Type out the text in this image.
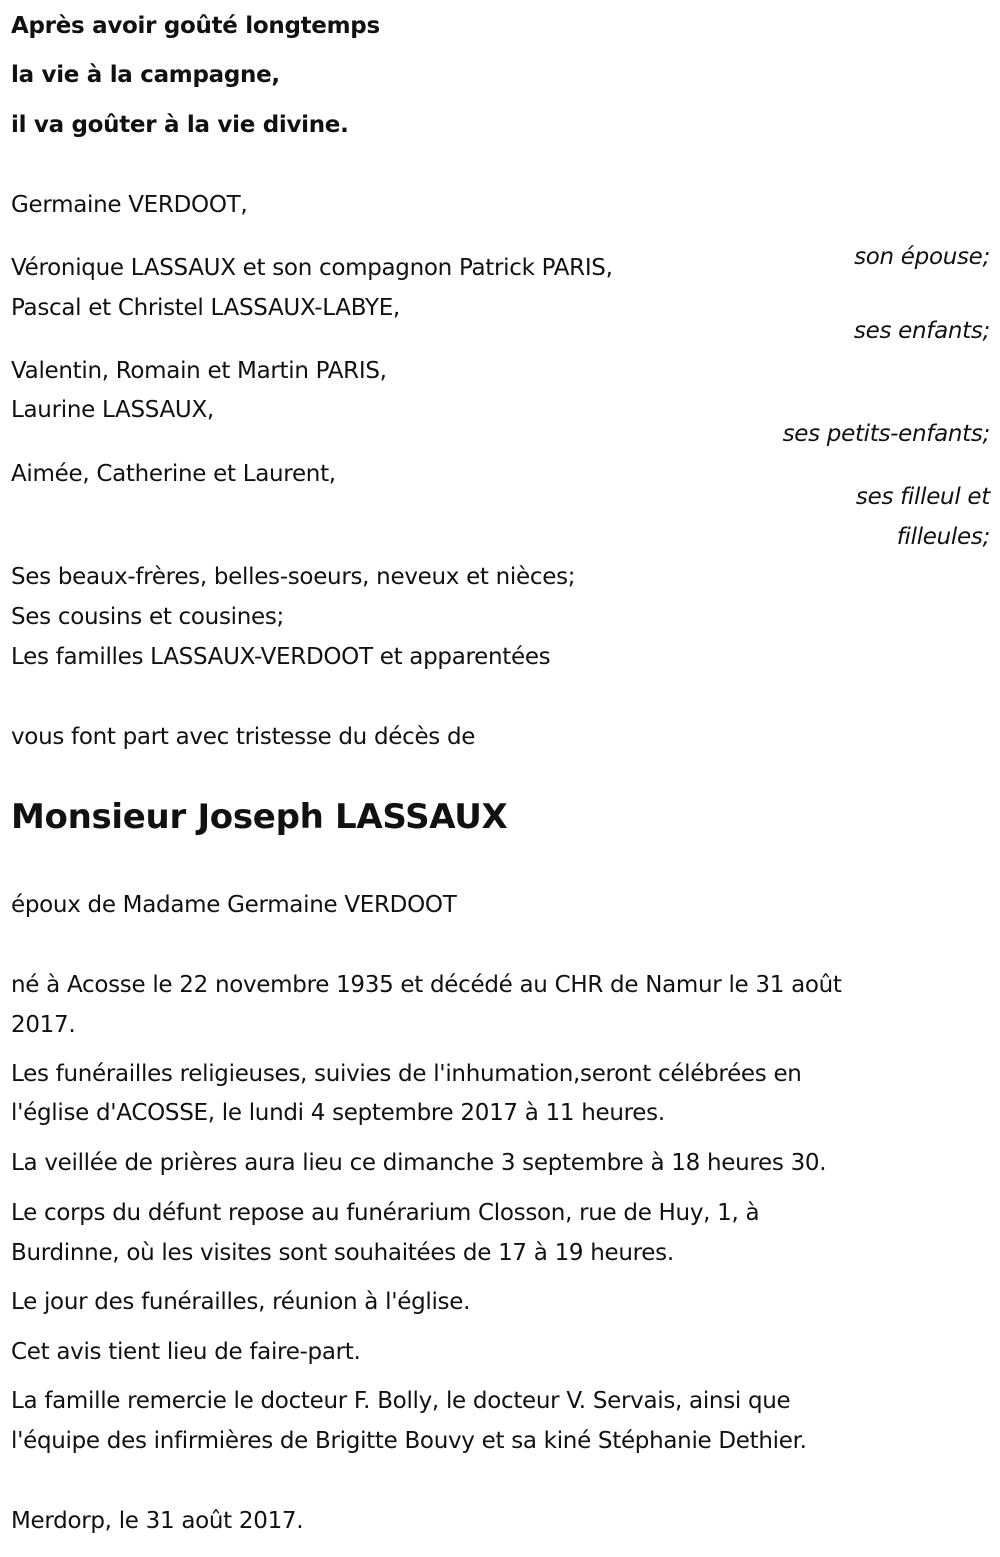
Après avoir goûté longtemps
la vie à la campagne,
il va goûter à la vie divine.
Germaine VERDOOT,
son épouse;
Véronique LASSAUX et son compagnon Patrick PARIS,
Pascal et Christel LASSAUX-LABYE,
ses enfants;
Valentin, Romain et Martin PARIS,
Laurine LASSAUX,
ses petits-enfants;
Aimée, Catherine et Laurent,
ses filleul et
filleules;
Ses beaux-frères, belles-soeurs, neveux et nièces;
Ses cousins et cousines;
Les familles LASSAUX-VERDOOT et apparentées
vous font part avec tristesse du décès de
Monsieur Joseph LASSAUX
époux de Madame Germaine VERDOOT
né à Acosse le 22 novembre 1935 et décédé au CHR de Namur le 31 août
2017.
Les funérailles religieuses, suivies de l'inhumation,seront célébrées en
l'église d'ACOSSE, le lundi 4 septembre 2017 à 11 heures.
La veillée de prières aura lieu ce dimanche 3 septembre à 18 heures 30.
Le corps du défunt repose au funérarium Closson, rue de Huy, 1, à
Burdinne, où les visites sont souhaitées de 17 à 19 heures.
Le jour des funérailles, réunion à l'église.
Cet avis tient lieu de faire-part.
La famille remercie le docteur F. Bolly, le docteur V. Servais, ainsi que
l'équipe des infirmières de Brigitte Bouvy et sa kiné Stéphanie Dethier.
Merdorp, le 31 août 2017.
